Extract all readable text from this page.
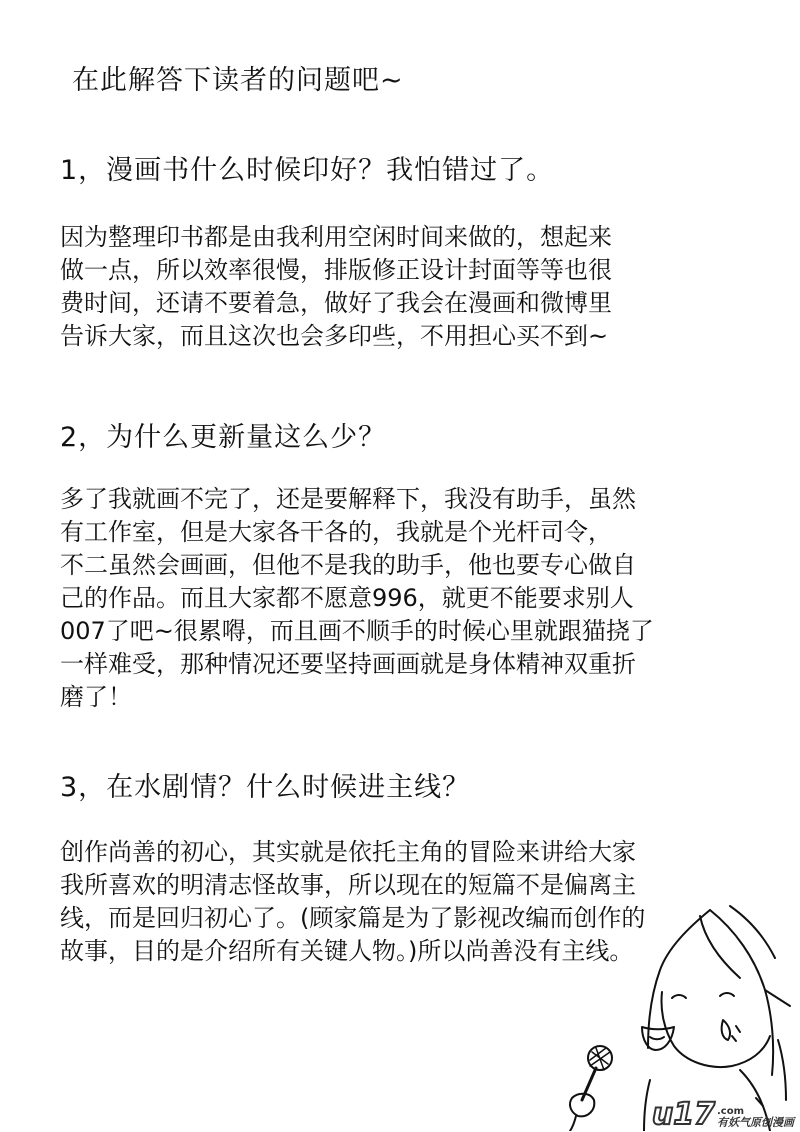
在此解答下读者的问题吧~
1，漫画书什么时候印好？我怕错过了。
因为整理印书都是由我利用空闲时间来做的，想起来
做一点，所以效率很慢，排版修正设计封面等等也很
费时间，还请不要着急，做好了我会在漫画和微博里
告诉大家，而且这次也会多印些，不用担心买不到~
2，为什么更新量这么少？
多了我就画不完了，还是要解释下，我没有助手，虽然
有工作室，但是大家各干各的，我就是个光杆司令，
不二虽然会画画，但他不是我的助手，他也要专心做自
己的作品。而且大家都不愿意996，就更不能要求别人
007了吧~很累嘚，而且画不顺手的时候心里就跟猫挠了
一样难受，那种情况还要坚持画画就是身体精神双重折
磨了！
3，在水剧情？什么时候进主线？
创作尚善的初心，其实就是依托主角的冒险来讲给大家
我所喜欢的明清志怪故事，所以现在的短篇不是偏离主
线，而是回归初心了。(顾家篇是为了影视改编而创作的
故事，目的是介绍所有关键人物。)所以尚善没有主线。
u17 .com
有妖气原创漫画
